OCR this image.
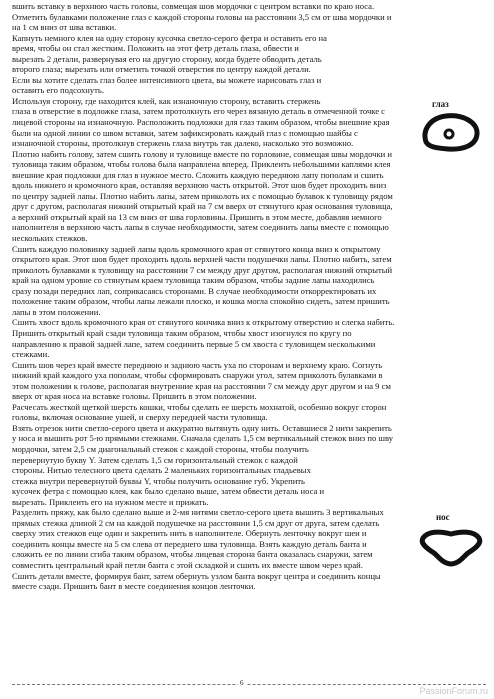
вшить вставку в верхнюю часть головы, совмещая шов мордочки с центром вставки по краю носа.
Отметить булавками положение глаз с каждой стороны головы на расстоянии 3,5 см от шва мордочки и
на 1 см вниз от шва вставки.
Капнуть немного клея на одну сторону кусочка светло-серого фетра и оставить его на
время, чтобы он стал жестким. Положить на этот фетр деталь глаза, обвести и
вырезать 2 детали, развернувая его на другую сторону, когда будете обводить деталь
второго глаза; вырезать или отметить точкой отверстия по центру каждой детали.
Если вы хотите сделать глаз более интенсивного цвета, вы можете нарисовать глаз и
оставить его подсохнуть.
Используя сторону, где находится клей, как изнаночную сторону, вставить стержень
глаза в отверстие в подложке глаза, затем протолкнуть его через вязаную деталь в отмеченной точке с
лицевой стороны на изнаночную. Расположить подложки для глаз таким образом, чтобы внешние края
были на одной линии со швом вставки, затем зафиксировать каждый глаз с помощью шайбы с
изнаночной стороны, протолкнув стержень глаза внутрь так далеко, насколько это возможно.
Плотно набить голову, затем сшить голову и туловище вместе по горловине, совмещая швы мордочки и
туловища таким образом, чтобы голова была направлена вперед. Приклеить небольшими каплями клея
внешние края подложки для глаз в нужное место. Сложить каждую переднюю лапу пополам и сшить
вдоль нижнего и кромочного края, оставляя верхнюю часть открытой. Этот шов будет проходить вниз
по центру задней лапы. Плотно набить лапы, затем приколоть их с помощью булавок к туловищу рядом
друг с другом, располагая нижний открытый край на 7 см вверх от стянутого края основания туловища,
а верхний открытый край на 13 см вниз от шва горловины. Пришить в этом месте, добавляя немного
наполнителя в верхнюю часть лапы в случае необходимости, затем соединить лапы вместе с помощью
нескольких стежков.
Сшить каждую половинку задней лапы вдоль кромочного края от стянутого конца вниз к открытому
открытого края. Этот шов будет проходить вдоль верхней части подушечки лапы. Плотно набить, затем
приколоть булавками к туловищу на расстоянии 7 см между друг другом, располагая нижний открытый
край на одном уровне со стянутым краем туловища таким образом, чтобы задние лапы находились
сразу позади передних лап, соприкасаясь сторонами. В случае необходимости откорректировать их
положение таким образом, чтобы лапы лежали плоско, и кошка могла спокойно сидеть, затем пришить
лапы в этом положении.
Сшить хвост вдоль кромочного края от стянутого кончика вниз к открытому отверстию и слегка набить.
Пришить открытый край сзади туловища таким образом, чтобы хвост изогнулся по кругу по
направлению к правой задней лапе, затем соединить первые 5 см хвоста с туловищем несколькими
стежками.
Сшить шов через край вместе переднюю и заднюю часть уха по сторонам и верхнему краю. Согнуть
нижний край каждого уха пополам, чтобы сформировать снаружи угол, затем приколоть булавками в
этом положении к голове, располагая внутренние края на расстоянии 7 см между друг другом и на 9 см
вверх от края носа на вставке головы. Пришить в этом положении.
Расчесать жесткой щеткой шерсть кошки, чтобы сделать ее шерсть мохнатой, особенно вокруг сторон
головы, включая основание ушей, и сверху передней части туловища.
Взять отрезок нити светло-серого цвета и аккуратно вытянуть одну нить. Оставшиеся 2 нити закрепить
у носа и вышить рот 5-ю прямыми стежками. Сначала сделать 1,5 см вертикальный стежок вниз по шву
мордочки, затем 2,5 см диагональный стежок с каждой стороны, чтобы получить
перевернутую букву Y. Затем сделать 1,5 см горизонтальный стежок с каждой
стороны. Нитью телесного цвета сделать 2 маленьких горизонтальных гладьевых
стежка внутри перевернутой буквы Y, чтобы получить основание губ. Укрепить
кусочек фетра с помощью клея, как было сделано выше, затем обвести деталь носа и
вырезать. Приклеить его на нужном месте и прижать.
Разделить пряжу, как было сделано выше и 2-мя нитями светло-серого цвета вышить 3 вертикальных
прямых стежка длиной 2 см на каждой подушечке на расстоянии 1,5 см друг от друга, затем сделать
сверху этих стежков еще один и закрепить нить в наполнителе. Обернуть ленточку вокруг шеи и
соединить концы вместе на 5 см слева от переднего шва туловища. Взять каждую деталь банта и
сложить ее по линии сгиба таким образом, чтобы лицевая сторона банта оказалась снаружи, затем
совместить центральный край петли банта с этой складкой и сшить их вместе швом через край.
Сшить детали вместе, формируя бант, затем обернуть узлом банта вокруг центра и соединить концы
вместе сзади. Пришить бант в месте соединения концов ленточки.
глаз
нос
6
PassionForum.ru
